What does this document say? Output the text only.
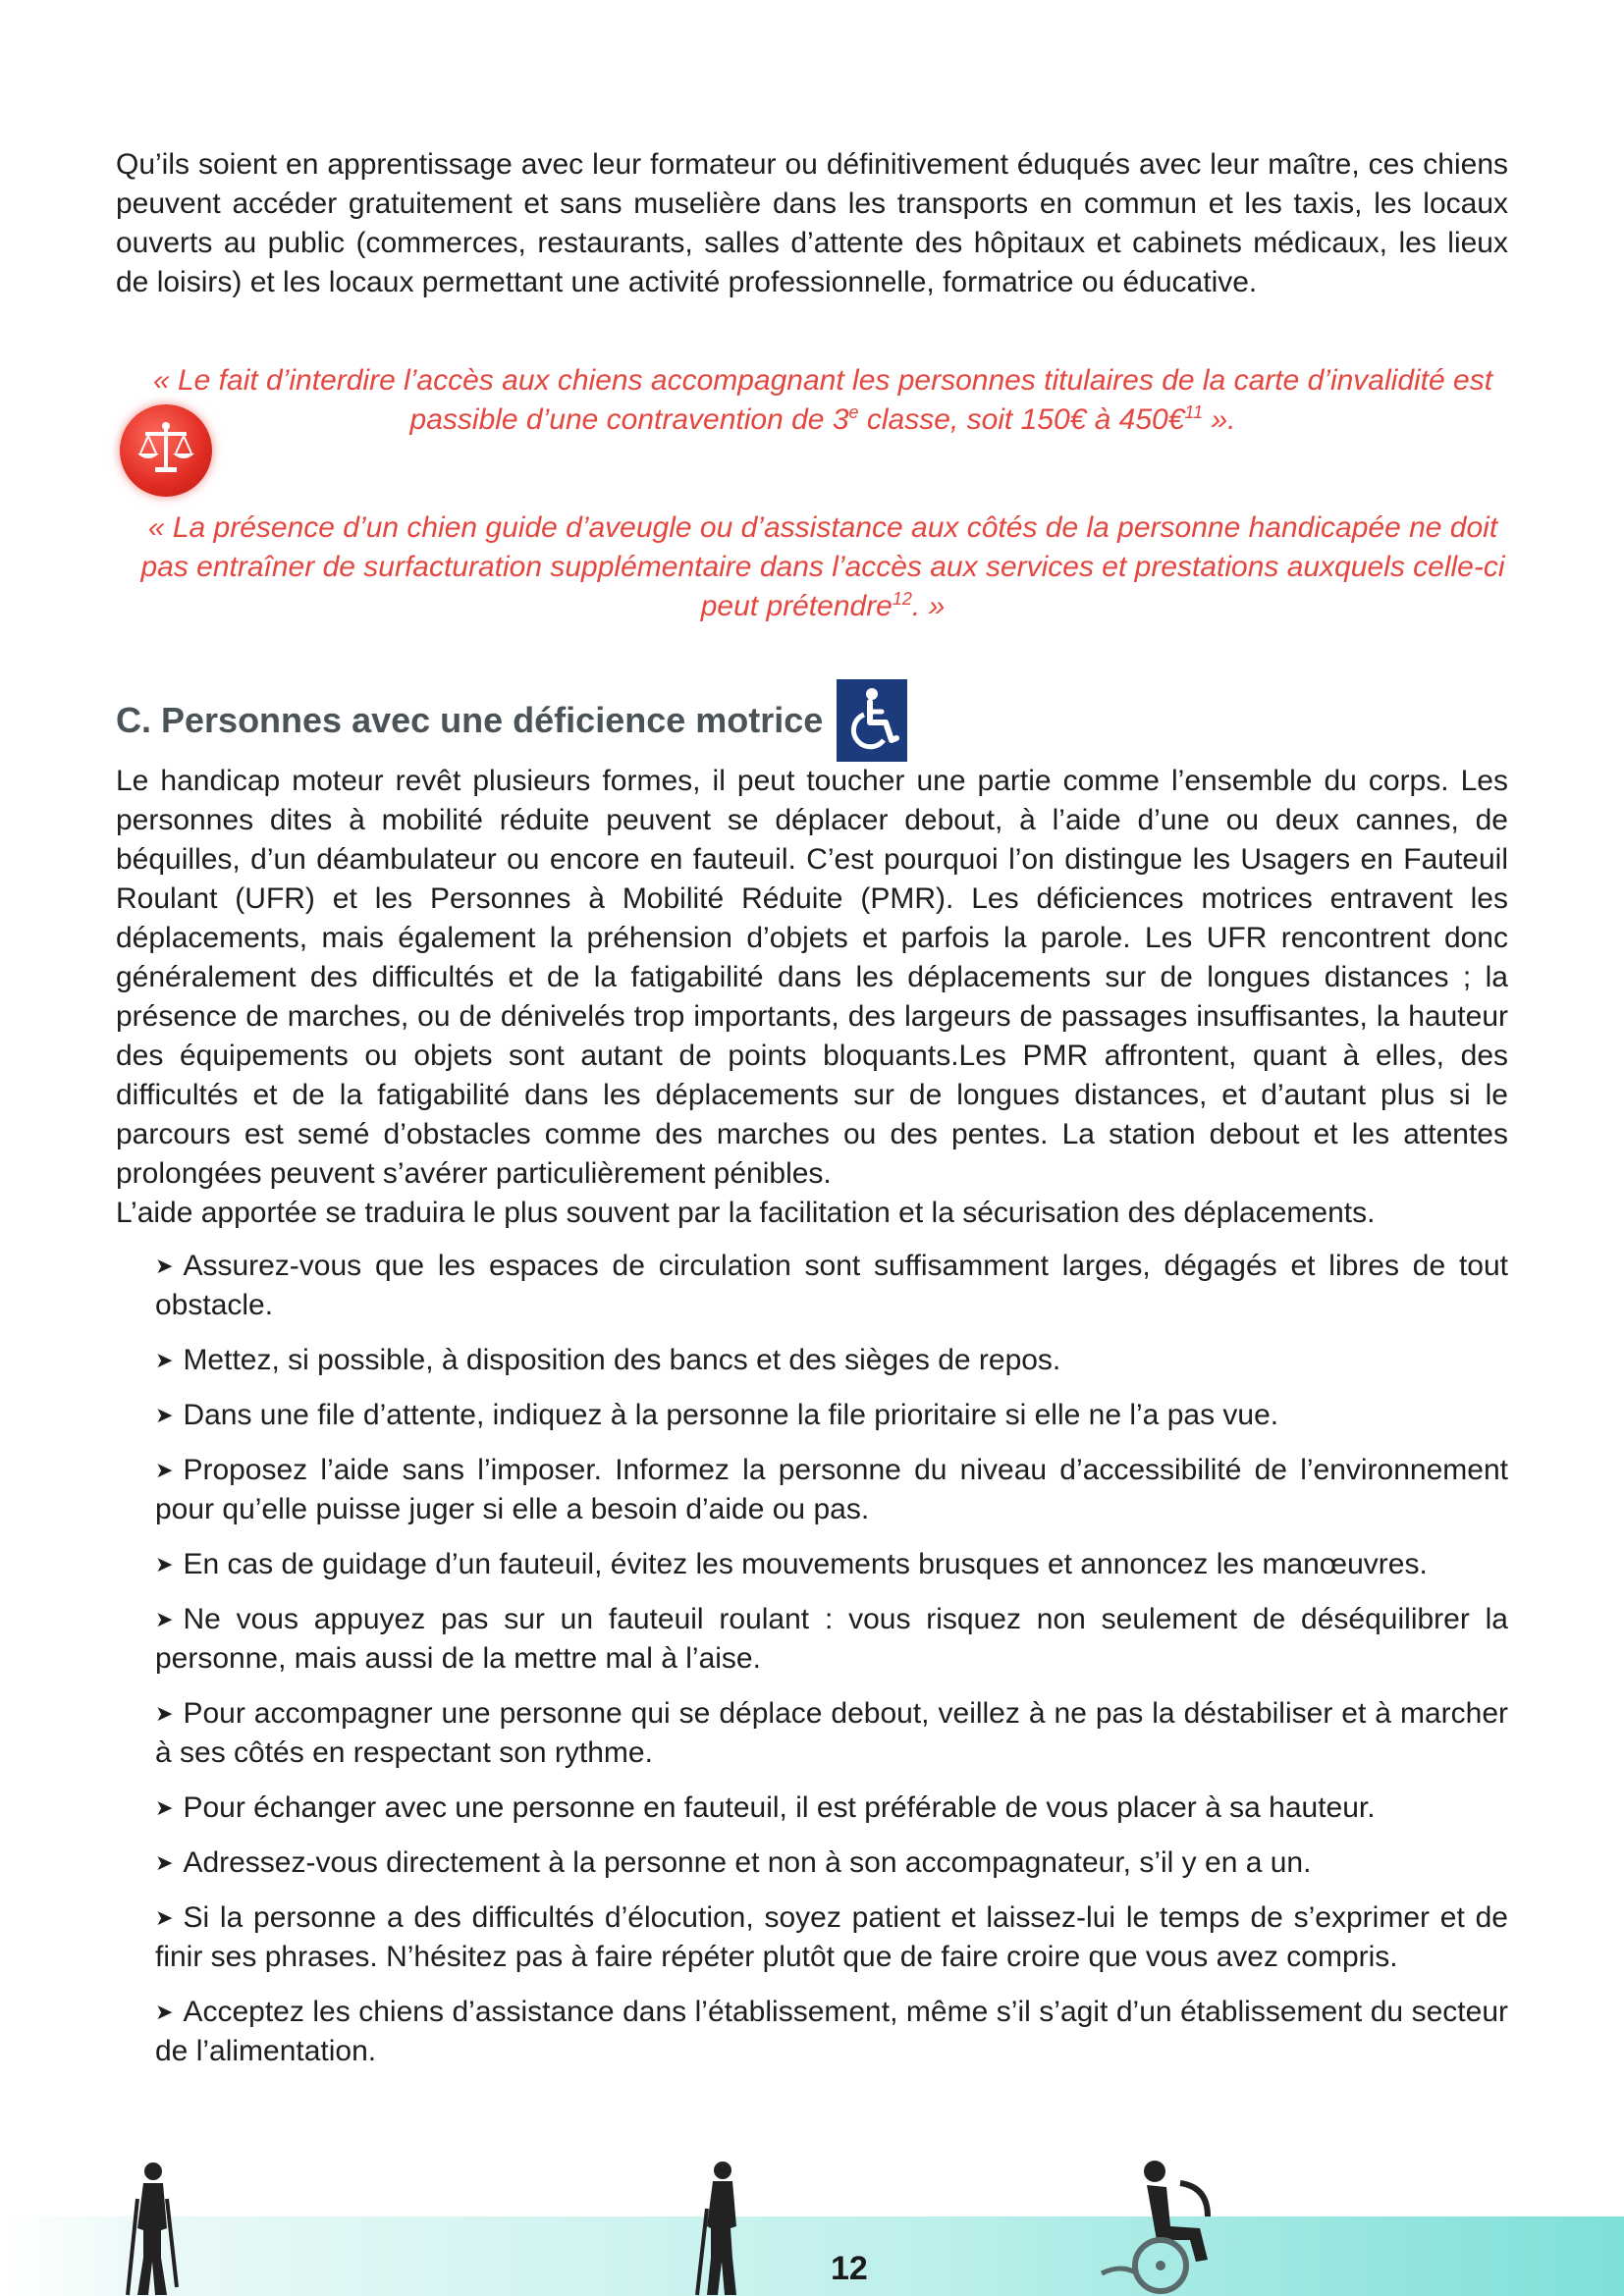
Qu’ils soient en apprentissage avec leur formateur ou définitivement éduqués avec leur maître, ces chiens peuvent accéder gratuitement et sans muselière dans les transports en commun et les taxis, les locaux ouverts au public (commerces, restaurants, salles d’attente des hôpitaux et cabinets médicaux, les lieux de loisirs) et les locaux permettant une activité professionnelle, formatrice ou éducative.

« Le fait d’interdire l’accès aux chiens accompagnant les personnes titulaires de la carte d’invalidité est passible d’une contravention de 3e classe, soit 150€ à 450€$^{11}$ ».

« La présence d’un chien guide d’aveugle ou d’assistance aux côtés de la personne handicapée ne doit pas entraîner de surfacturation supplémentaire dans l’accès aux services et prestations auxquels celle-ci peut prétendre$^{12}$. »

C. Personnes avec une déficience motrice

Le handicap moteur revêt plusieurs formes, il peut toucher une partie comme l’ensemble du corps. Les personnes dites à mobilité réduite peuvent se déplacer debout, à l’aide d’une ou deux cannes, de béquilles, d’un déambulateur ou encore en fauteuil. C’est pourquoi l’on distingue les Usagers en Fauteuil Roulant (UFR) et les Personnes à Mobilité Réduite (PMR). Les déficiences motrices entravent les déplacements, mais également la préhension d’objets et parfois la parole. Les UFR rencontrent donc généralement des difficultés et de la fatigabilité dans les déplacements sur de longues distances ; la présence de marches, ou de dénivelés trop importants, des largeurs de passages insuffisantes, la hauteur des équipements ou objets sont autant de points bloquants.Les PMR affrontent, quant à elles, des difficultés et de la fatigabilité dans les déplacements sur de longues distances, et d’autant plus si le parcours est semé d’obstacles comme des marches ou des pentes. La station debout et les attentes prolongées peuvent s’avérer particulièrement pénibles.

L’aide apportée se traduira le plus souvent par la facilitation et la sécurisation des déplacements.

➤ Assurez-vous que les espaces de circulation sont suffisamment larges, dégagés et libres de tout obstacle.
➤ Mettez, si possible, à disposition des bancs et des sièges de repos.
➤ Dans une file d’attente, indiquez à la personne la file prioritaire si elle ne l’a pas vue.
➤ Proposez l’aide sans l’imposer. Informez la personne du niveau d’accessibilité de l’environnement pour qu’elle puisse juger si elle a besoin d’aide ou pas.
➤ En cas de guidage d’un fauteuil, évitez les mouvements brusques et annoncez les manœuvres.
➤ Ne vous appuyez pas sur un fauteuil roulant : vous risquez non seulement de déséquilibrer la personne, mais aussi de la mettre mal à l’aise.
➤ Pour accompagner une personne qui se déplace debout, veillez à ne pas la déstabiliser et à marcher à ses côtés en respectant son rythme.
➤ Pour échanger avec une personne en fauteuil, il est préférable de vous placer à sa hauteur.
➤ Adressez-vous directement à la personne et non à son accompagnateur, s’il y en a un.
➤ Si la personne a des difficultés d’élocution, soyez patient et laissez-lui le temps de s’exprimer et de finir ses phrases. N’hésitez pas à faire répéter plutôt que de faire croire que vous avez compris.
➤ Acceptez les chiens d’assistance dans l’établissement, même s’il s’agit d’un établissement du secteur de l’alimentation.
12
